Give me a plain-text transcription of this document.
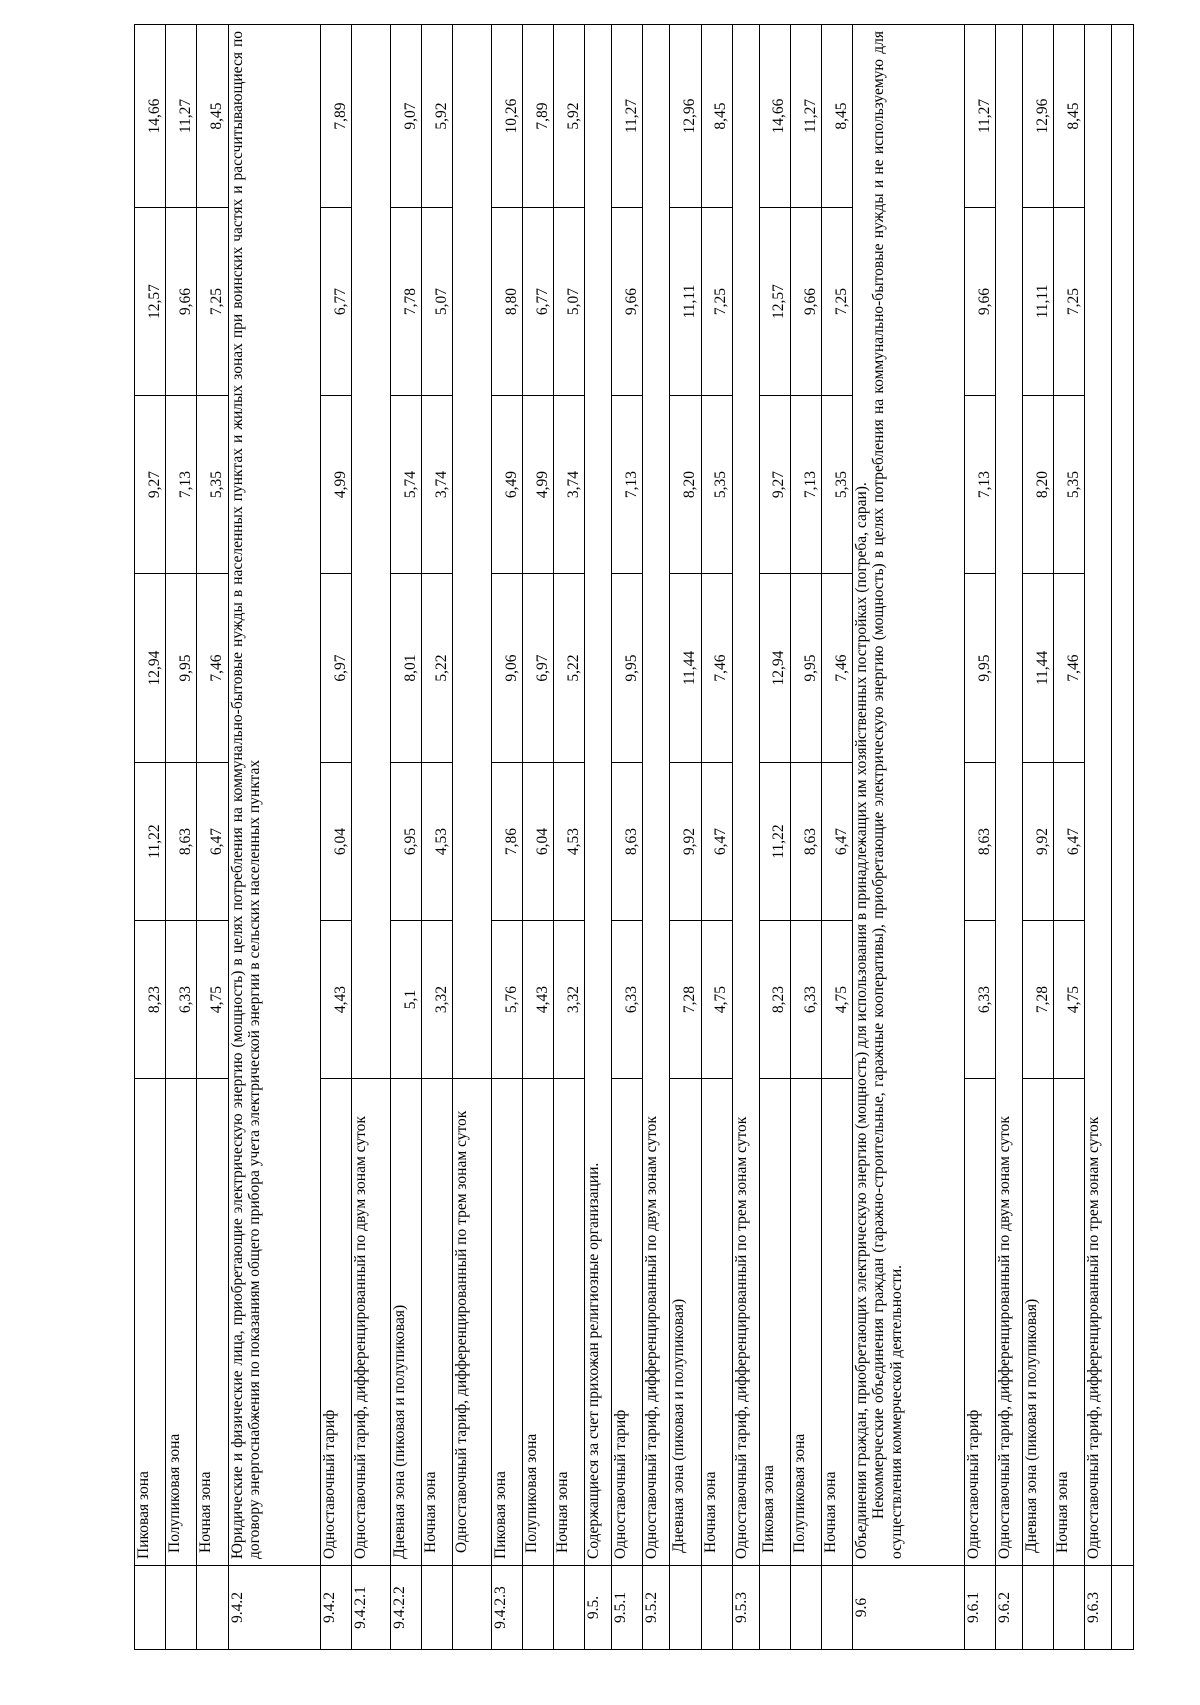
	Пиковая зона	8,23	11,22	12,94	9,27	12,57	14,66
	Полупиковая зона	6,33	8,63	9,95	7,13	9,66	11,27
	Ночная зона	4,75	6,47	7,46	5,35	7,25	8,45
9.4.2	Юридические и физические лица, приобретающие электрическую энергию (мощность) в целях потребления на коммунально-бытовые нужды в населенных пунктах и жилых зонах при воинских частях и рассчитывающиеся по договору энергоснабжения по показаниям общего прибора учета электрической энергии в сельских населенных пунктах						

9.4.2	Одноставочный тариф	4,43	6,04	6,97	4,99	6,77	7,89
9.4.2.1	Одноставочный тариф, дифференцированный по двум зонам суток						
9.4.2.2	Дневная зона (пиковая и полупиковая)	5,1	6,95	8,01	5,74	7,78	9,07
	Ночная зона	3,32	4,53	5,22	3,74	5,07	5,92
	Одноставочный тариф, дифференцированный по трем зонам суток						
9.4.2.3	Пиковая зона	5,76	7,86	9,06	6,49	8,80	10,26
	Полупиковая зона	4,43	6,04	6,97	4,99	6,77	7,89
	Ночная зона	3,32	4,53	5,22	3,74	5,07	5,92
9.5.	Содержащиеся за счет прихожан религиозные организации.						

9.5.1	Одноставочный тариф	6,33	8,63	9,95	7,13	9,66	11,27
9.5.2	Одноставочный тариф, дифференцированный по двум зонам суток						

	Дневная зона (пиковая и полупиковая)	7,28	9,92	11,44	8,20	11,11	12,96
	Ночная зона	4,75	6,47	7,46	5,35	7,25	8,45
9.5.3	Одноставочный тариф, дифференцированный по трем зонам суток						

	Пиковая зона	8,23	11,22	12,94	9,27	12,57	14,66
	Полупиковая зона	6,33	8,63	9,95	7,13	9,66	11,27
	Ночная зона	4,75	6,47	7,46	5,35	7,25	8,45
9.6	Объединения граждан, приобретающих электрическую энергию (мощность) для использования в принадлежащих им хозяйственных постройках (погреба, сараи). Некоммерческие объединения граждан (гаражно-строительные, гаражные кооперативы), приобретающие электрическую энергию (мощность) в целях потребления на коммунально-бытовые нужды и не используемую для осуществления коммерческой деятельности.						

9.6.1	Одноставочный тариф	6,33	8,63	9,95	7,13	9,66	11,27
9.6.2	Одноставочный тариф, дифференцированный по двум зонам суток						

	Дневная зона (пиковая и полупиковая)	7,28	9,92	11,44	8,20	11,11	12,96
	Ночная зона	4,75	6,47	7,46	5,35	7,25	8,45
9.6.3	Одноставочный тариф, дифференцированный по трем зонам суток						
